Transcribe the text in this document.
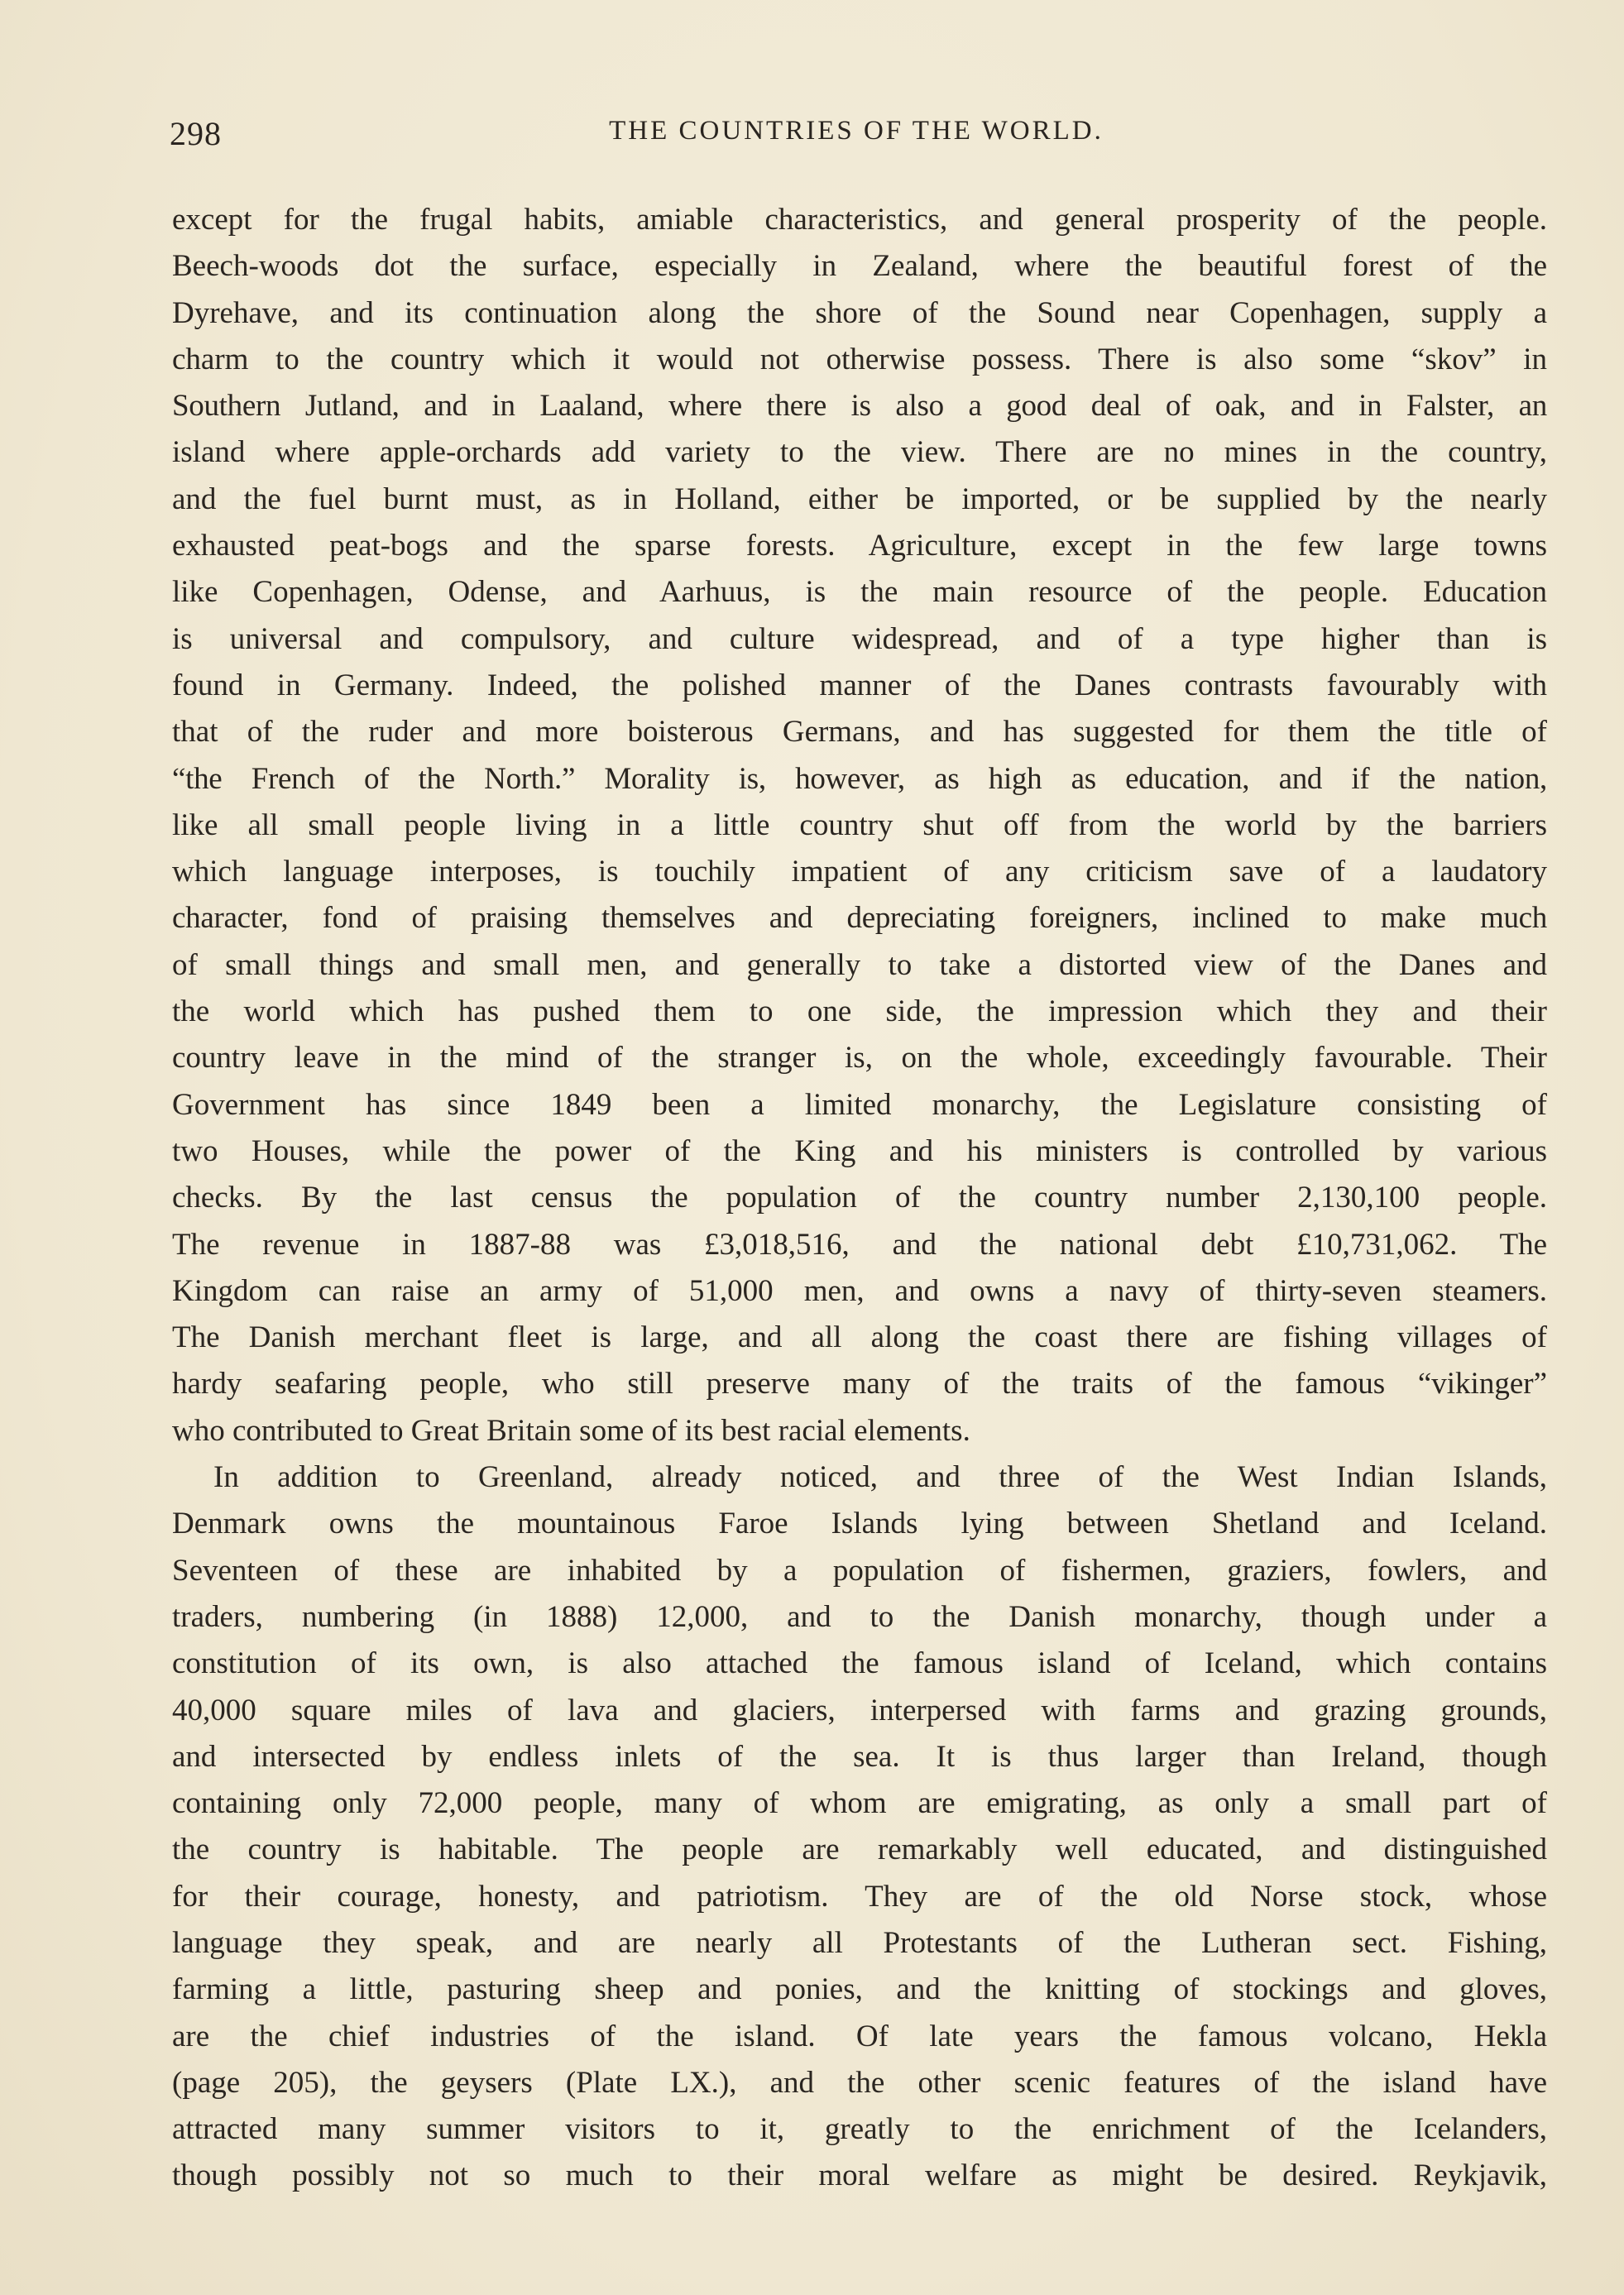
298	THE COUNTRIES OF THE WORLD.
except for the frugal habits, amiable characteristics, and general prosperity of the people.
Beech-woods dot the surface, especially in Zealand, where the beautiful forest of the
Dyrehave, and its continuation along the shore of the Sound near Copenhagen, supply a
charm to the country which it would not otherwise possess. There is also some “skov” in
Southern Jutland, and in Laaland, where there is also a good deal of oak, and in Falster, an
island where apple-orchards add variety to the view. There are no mines in the country,
and the fuel burnt must, as in Holland, either be imported, or be supplied by the nearly
exhausted peat-bogs and the sparse forests. Agriculture, except in the few large towns
like Copenhagen, Odense, and Aarhuus, is the main resource of the people. Education
is universal and compulsory, and culture widespread, and of a type higher than is
found in Germany. Indeed, the polished manner of the Danes contrasts favourably with
that of the ruder and more boisterous Germans, and has suggested for them the title of
“the French of the North.” Morality is, however, as high as education, and if the nation,
like all small people living in a little country shut off from the world by the barriers
which language interposes, is touchily impatient of any criticism save of a laudatory
character, fond of praising themselves and depreciating foreigners, inclined to make much
of small things and small men, and generally to take a distorted view of the Danes and
the world which has pushed them to one side, the impression which they and their
country leave in the mind of the stranger is, on the whole, exceedingly favourable. Their
Government has since 1849 been a limited monarchy, the Legislature consisting of
two Houses, while the power of the King and his ministers is controlled by various
checks. By the last census the population of the country number 2,130,100 people.
The revenue in 1887-88 was £3,018,516, and the national debt £10,731,062. The
Kingdom can raise an army of 51,000 men, and owns a navy of thirty-seven steamers.
The Danish merchant fleet is large, and all along the coast there are fishing villages of
hardy seafaring people, who still preserve many of the traits of the famous “vikinger”
who contributed to Great Britain some of its best racial elements.
In addition to Greenland, already noticed, and three of the West Indian Islands,
Denmark owns the mountainous Faroe Islands lying between Shetland and Iceland.
Seventeen of these are inhabited by a population of fishermen, graziers, fowlers, and
traders, numbering (in 1888) 12,000, and to the Danish monarchy, though under a
constitution of its own, is also attached the famous island of Iceland, which contains
40,000 square miles of lava and glaciers, interpersed with farms and grazing grounds,
and intersected by endless inlets of the sea. It is thus larger than Ireland, though
containing only 72,000 people, many of whom are emigrating, as only a small part of
the country is habitable. The people are remarkably well educated, and distinguished
for their courage, honesty, and patriotism. They are of the old Norse stock, whose
language they speak, and are nearly all Protestants of the Lutheran sect. Fishing,
farming a little, pasturing sheep and ponies, and the knitting of stockings and gloves,
are the chief industries of the island. Of late years the famous volcano, Hekla
(page 205), the geysers (Plate LX.), and the other scenic features of the island have
attracted many summer visitors to it, greatly to the enrichment of the Icelanders,
though possibly not so much to their moral welfare as might be desired. Reykjavik,
